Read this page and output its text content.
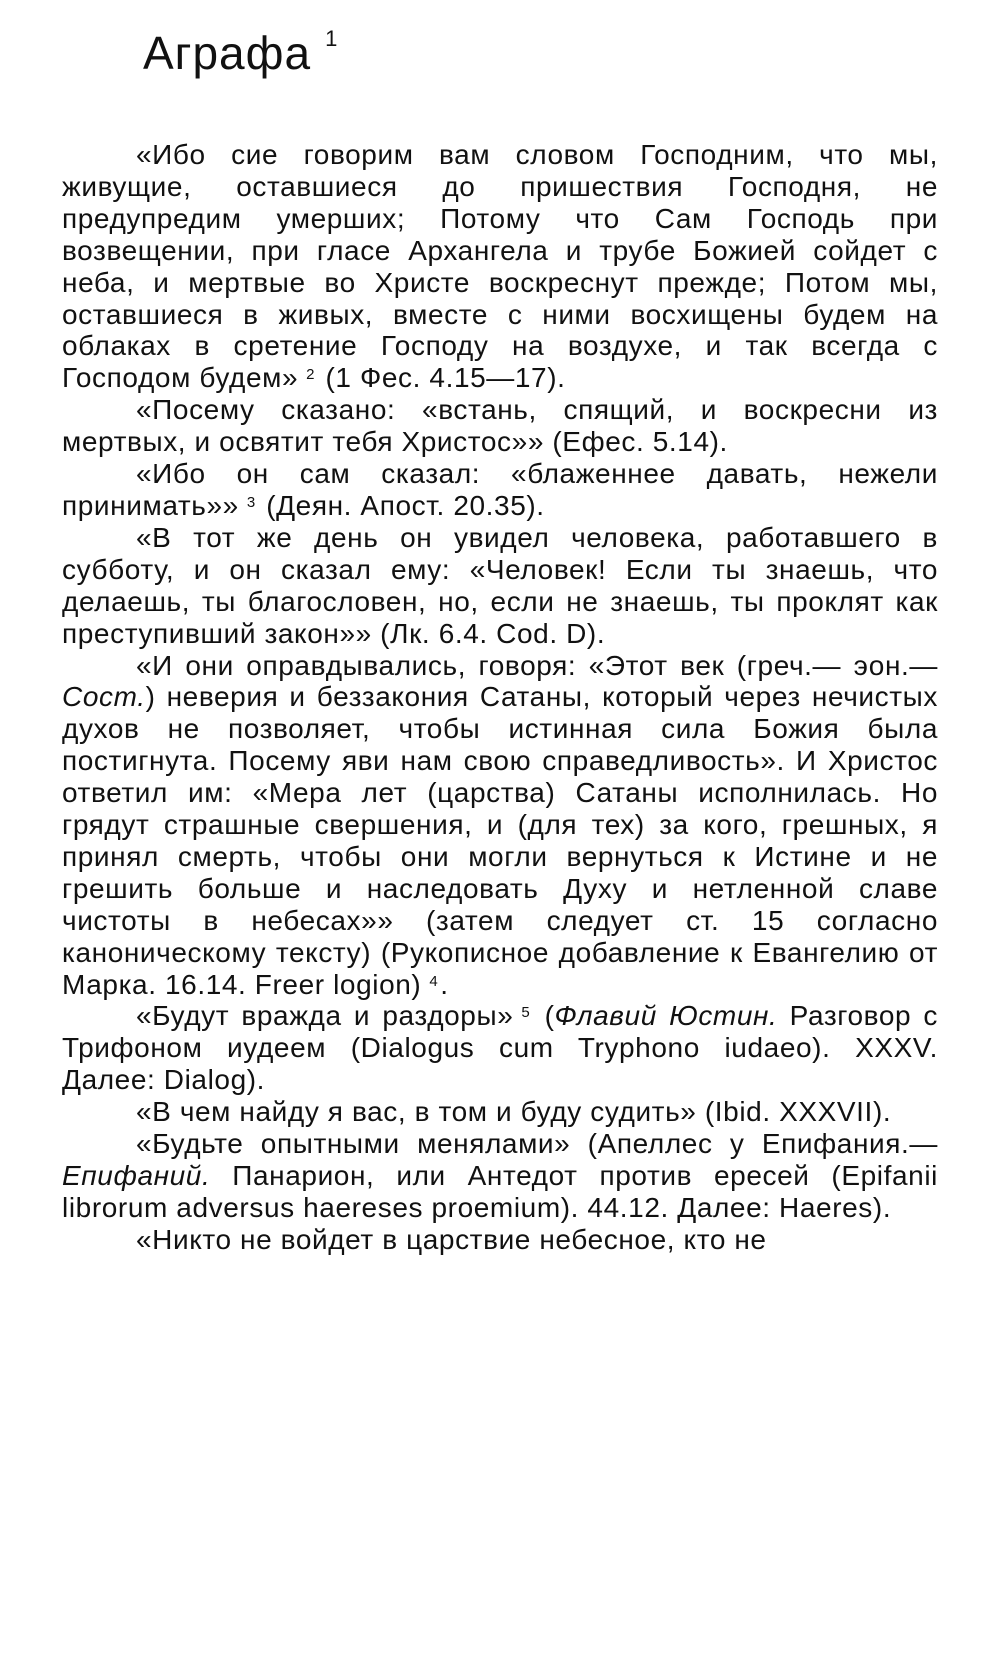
Аграфа $^1$

«Ибо сие говорим вам словом Господним, что мы, живущие, оставшиеся до пришествия Господня, не предупредим умерших; Потому что Сам Господь при возвещении, при гласе Архангела и трубе Божией сойдет с неба, и мертвые во Христе воскреснут прежде; Потом мы, оставшиеся в живых, вместе с ними восхищены будем на облаках в сретение Господу на воздухе, и так всегда с Господом будем» $^2$ (1 Фес. 4.15—17).

«Посему сказано: «встань, спящий, и воскресни из мертвых, и освятит тебя Христос»» (Ефес. 5.14).

«Ибо он сам сказал: «блаженнее давать, нежели принимать»» $^3$ (Деян. Апост. 20.35).

«В тот же день он увидел человека, работавшего в субботу, и он сказал ему: «Человек! Если ты знаешь, что делаешь, ты благословен, но, если не знаешь, ты проклят как преступивший закон»» (Лк. 6.4. Cod. D).

«И они оправдывались, говоря: «Этот век (греч.— эон.— Сост.) неверия и беззакония Сатаны, который через нечистых духов не позволяет, чтобы истинная сила Божия была постигнута. Посему яви нам свою справедливость». И Христос ответил им: «Мера лет (царства) Сатаны исполнилась. Но грядут страшные свершения, и (для тех) за кого, грешных, я принял смерть, чтобы они могли вернуться к Истине и не грешить больше и наследовать Духу и нетленной славе чистоты в небесах»» (затем следует ст. 15 согласно каноническому тексту) (Рукописное добавление к Евангелию от Марка. 16.14. Freer logion) $^4$.

«Будут вражда и раздоры» $^5$ (Флавий Юстин. Разговор с Трифоном иудеем (Dialogus cum Tryphono iudaeo). XXXV. Далее: Dialog).

«В чем найду я вас, в том и буду судить» (Ibid. XXXVII).

«Будьте опытными менялами» (Апеллес у Епифания.— Епифаний. Панарион, или Антедот против ересей (Epifanii librorum adversus haereses proemium). 44.12. Далее: Haeres).

«Никто не войдет в царствие небесное, кто не
